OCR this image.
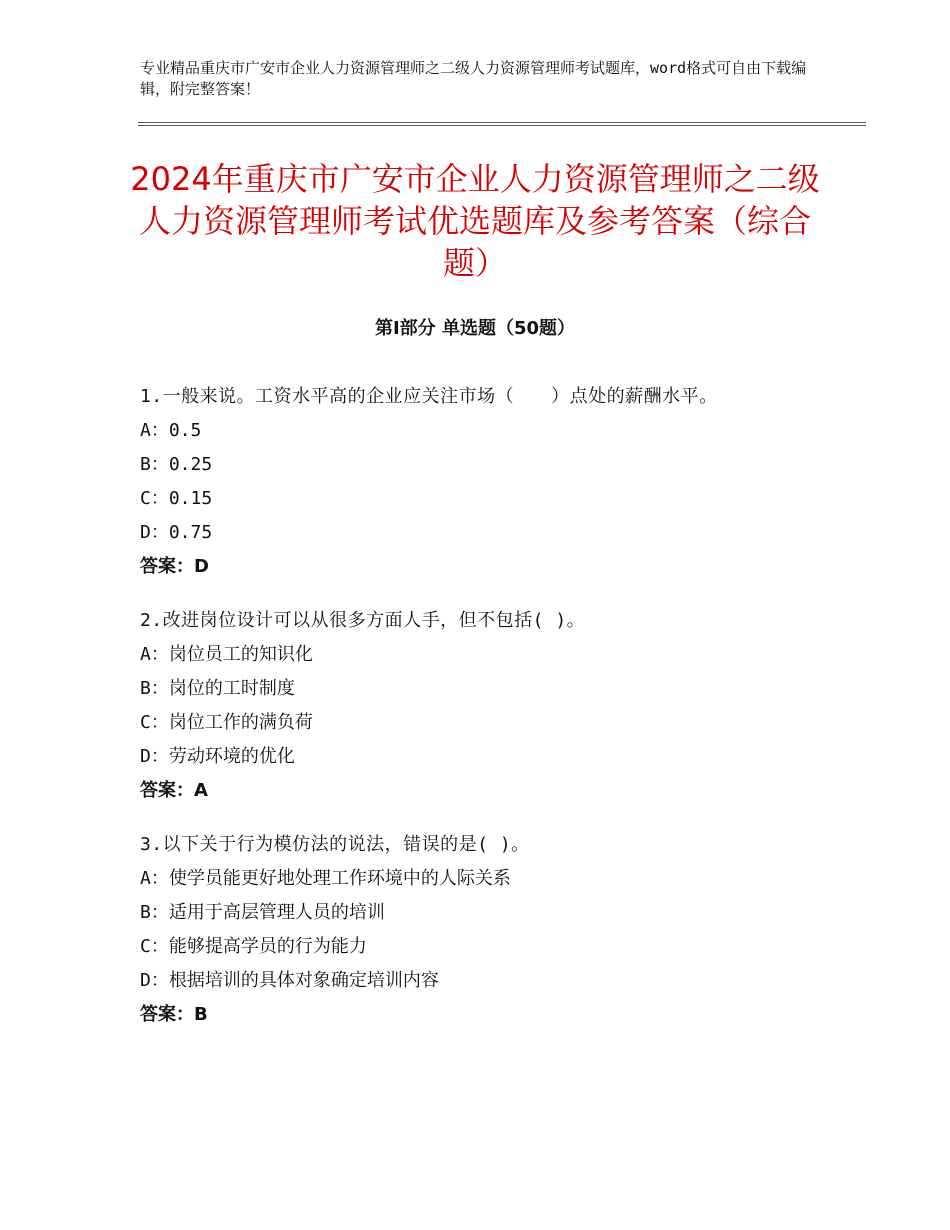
专业精品重庆市广安市企业人力资源管理师之二级人力资源管理师考试题库，word格式可自由下载编辑，附完整答案！
2024年重庆市广安市企业人力资源管理师之二级人力资源管理师考试优选题库及参考答案（综合题）
第Ⅰ部分 单选题（50题）

1.一般来说。工资水平高的企业应关注市场（　　）点处的薪酬水平。

A：0.5

B：0.25

C：0.15

D：0.75

答案：D

2.改进岗位设计可以从很多方面人手，但不包括( )。

A：岗位员工的知识化

B：岗位的工时制度

C：岗位工作的满负荷

D：劳动环境的优化

答案：A

3.以下关于行为模仿法的说法，错误的是( )。

A：使学员能更好地处理工作环境中的人际关系

B：适用于高层管理人员的培训

C：能够提高学员的行为能力

D：根据培训的具体对象确定培训内容

答案：B
